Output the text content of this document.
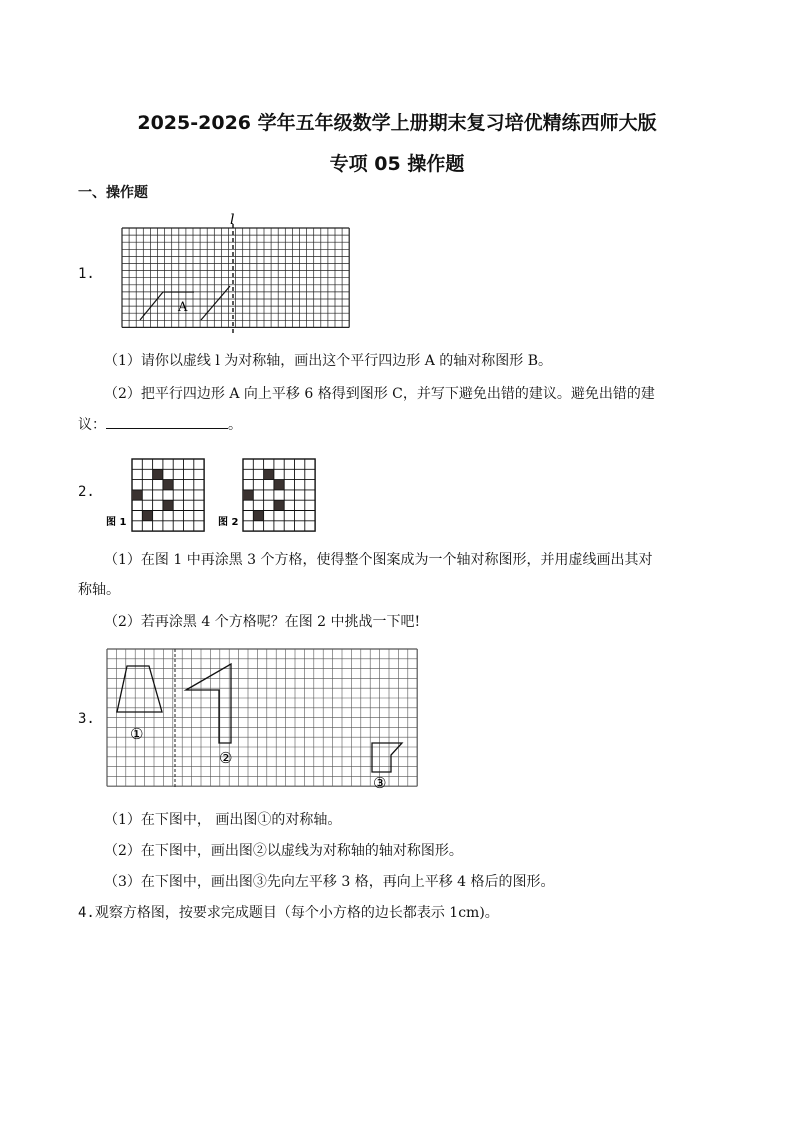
2025-2026 学年五年级数学上册期末复习培优精练西师大版
专项 05 操作题
一、操作题
1.
l
A
（1）请你以虚线 l 为对称轴，画出这个平行四边形 A 的轴对称图形 B。
（2）把平行四边形 A 向上平移 6 格得到图形 C，并写下避免出错的建议。避免出错的建
议：	。
2.
图 1	图 2
（1）在图 1 中再涂黑 3 个方格，使得整个图案成为一个轴对称图形，并用虚线画出其对
称轴。
（2）若再涂黑 4 个方格呢？在图 2 中挑战一下吧!
3.
①
②
③
（1）在下图中， 画出图①的对称轴。
（2）在下图中，画出图②以虚线为对称轴的轴对称图形。
（3）在下图中，画出图③先向左平移 3 格，再向上平移 4 格后的图形。
4.观察方格图，按要求完成题目（每个小方格的边长都表示 1cm)。
